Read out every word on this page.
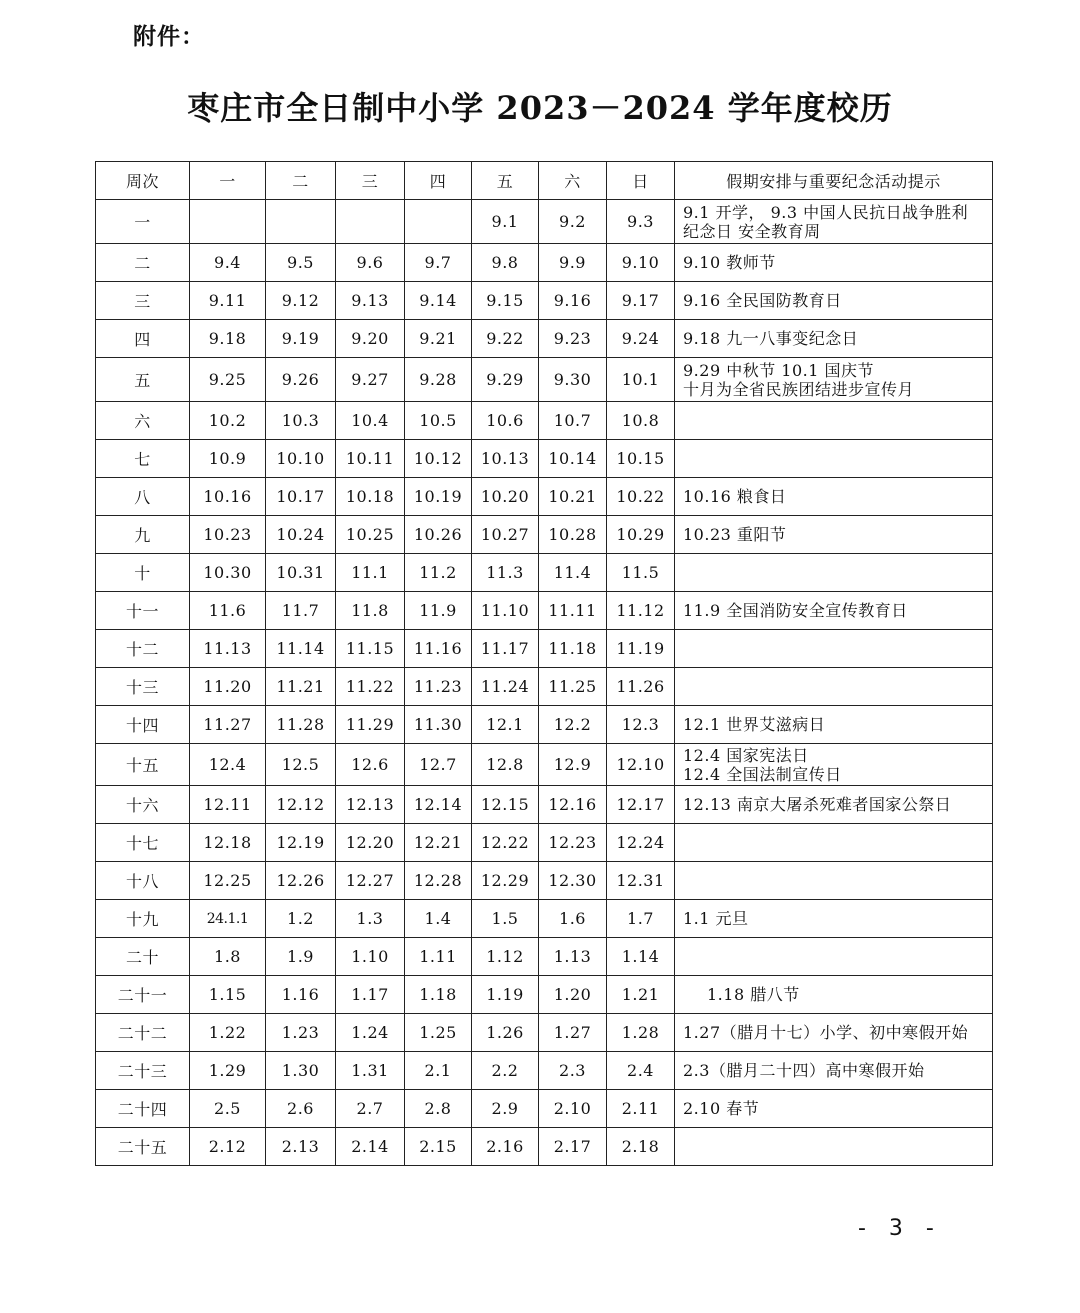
附件：
枣庄市全日制中小学 2023－2024 学年度校历
周次	一	二	三	四	五	六	日	假期安排与重要纪念活动提示
一					9.1	9.2	9.3	9.1 开学， 9.3 中国人民抗日战争胜利
纪念日 安全教育周

二	9.4	9.5	9.6	9.7	9.8	9.9	9.10	9.10 教师节

三	9.11	9.12	9.13	9.14	9.15	9.16	9.17	9.16 全民国防教育日

四	9.18	9.19	9.20	9.21	9.22	9.23	9.24	9.18 九一八事变纪念日

五	9.25	9.26	9.27	9.28	9.29	9.30	10.1	9.29 中秋节 10.1 国庆节
十月为全省民族团结进步宣传月

六	10.2	10.3	10.4	10.5	10.6	10.7	10.8	
七	10.9	10.10	10.11	10.12	10.13	10.14	10.15	
八	10.16	10.17	10.18	10.19	10.20	10.21	10.22	10.16 粮食日

九	10.23	10.24	10.25	10.26	10.27	10.28	10.29	10.23 重阳节

十	10.30	10.31	11.1	11.2	11.3	11.4	11.5	
十一	11.6	11.7	11.8	11.9	11.10	11.11	11.12	11.9 全国消防安全宣传教育日

十二	11.13	11.14	11.15	11.16	11.17	11.18	11.19	
十三	11.20	11.21	11.22	11.23	11.24	11.25	11.26	
十四	11.27	11.28	11.29	11.30	12.1	12.2	12.3	12.1 世界艾滋病日

十五	12.4	12.5	12.6	12.7	12.8	12.9	12.10	12.4 国家宪法日
12.4 全国法制宣传日

十六	12.11	12.12	12.13	12.14	12.15	12.16	12.17	12.13 南京大屠杀死难者国家公祭日

十七	12.18	12.19	12.20	12.21	12.22	12.23	12.24	
十八	12.25	12.26	12.27	12.28	12.29	12.30	12.31	
十九	24.1.1	1.2	1.3	1.4	1.5	1.6	1.7	1.1 元旦

二十	1.8	1.9	1.10	1.11	1.12	1.13	1.14	
二十一	1.15	1.16	1.17	1.18	1.19	1.20	1.21	1.18 腊八节

二十二	1.22	1.23	1.24	1.25	1.26	1.27	1.28	1.27（腊月十七）小学、初中寒假开始

二十三	1.29	1.30	1.31	2.1	2.2	2.3	2.4	2.3（腊月二十四）高中寒假开始

二十四	2.5	2.6	2.7	2.8	2.9	2.10	2.11	2.10 春节

二十五	2.12	2.13	2.14	2.15	2.16	2.17	2.18	
- 3 -
